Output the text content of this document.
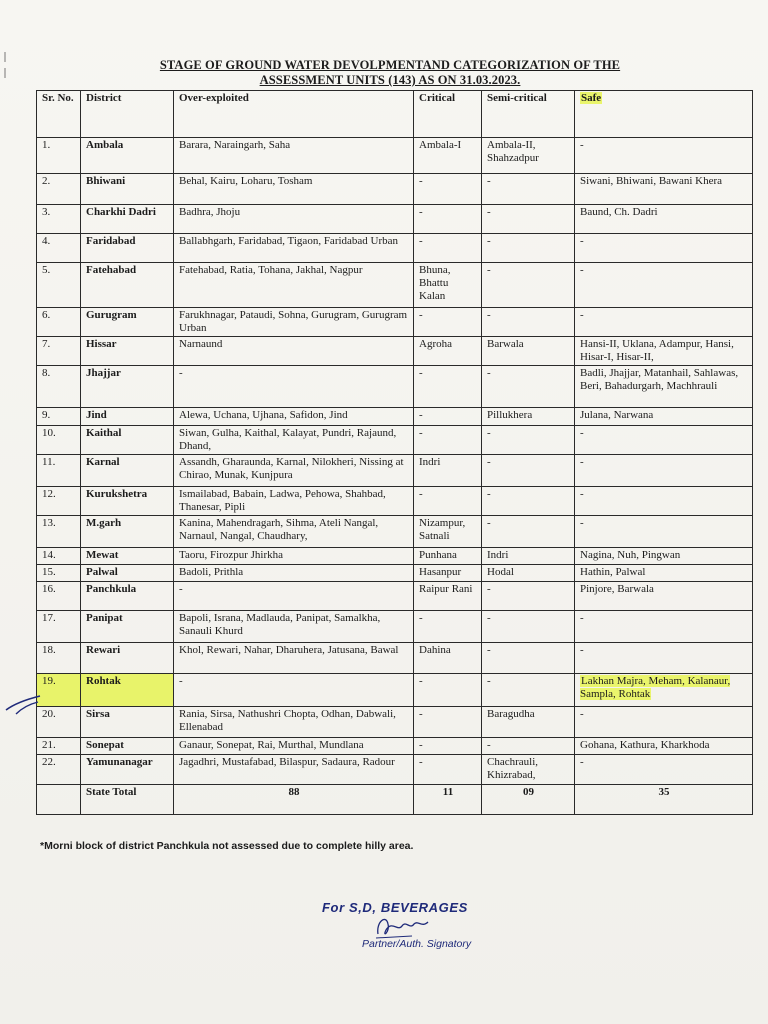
STAGE OF GROUND WATER DEVOLPMENTAND CATEGORIZATION OF THE
ASSESSMENT UNITS (143) AS ON 31.03.2023.
Sr. No.	District	Over-exploited	Critical	Semi-critical	Safe
1.	Ambala	Barara, Naraingarh, Saha	Ambala-I	Ambala-II, Shahzadpur	-
2.	Bhiwani	Behal, Kairu, Loharu, Tosham	-	-	Siwani, Bhiwani, Bawani Khera
3.	Charkhi Dadri	Badhra, Jhoju	-	-	Baund, Ch. Dadri
4.	Faridabad	Ballabhgarh, Faridabad, Tigaon, Faridabad Urban	-	-	-
5.	Fatehabad	Fatehabad, Ratia, Tohana, Jakhal, Nagpur	Bhuna, Bhattu Kalan	-	-
6.	Gurugram	Farukhnagar, Pataudi, Sohna, Gurugram, Gurugram Urban	-	-	-
7.	Hissar	Narnaund	Agroha	Barwala	Hansi-II, Uklana, Adampur, Hansi, Hisar-I, Hisar-II,
8.	Jhajjar	-	-	-	Badli, Jhajjar, Matanhail, Sahlawas, Beri, Bahadurgarh, Machhrauli
9.	Jind	Alewa, Uchana, Ujhana, Safidon, Jind	-	Pillukhera	Julana, Narwana
10.	Kaithal	Siwan, Gulha, Kaithal, Kalayat, Pundri, Rajaund, Dhand,	-	-	-
11.	Karnal	Assandh, Gharaunda, Karnal, Nilokheri, Nissing at Chirao, Munak, Kunjpura	Indri	-	-
12.	Kurukshetra	Ismailabad, Babain, Ladwa, Pehowa, Shahbad, Thanesar, Pipli	-	-	-
13.	M.garh	Kanina, Mahendragarh, Sihma, Ateli Nangal, Narnaul, Nangal, Chaudhary,	Nizampur, Satnali	-	-
14.	Mewat	Taoru, Firozpur Jhirkha	Punhana	Indri	Nagina, Nuh, Pingwan
15.	Palwal	Badoli, Prithla	Hasanpur	Hodal	Hathin, Palwal
16.	Panchkula	-	Raipur Rani	-	Pinjore, Barwala
17.	Panipat	Bapoli, Israna, Madlauda, Panipat, Samalkha, Sanauli Khurd	-	-	-
18.	Rewari	Khol, Rewari, Nahar, Dharuhera, Jatusana, Bawal	Dahina	-	-
19.	Rohtak	-	-	-	Lakhan Majra, Meham, Kalanaur, Sampla, Rohtak
20.	Sirsa	Rania, Sirsa, Nathushri Chopta, Odhan, Dabwali, Ellenabad	-	Baragudha	-
21.	Sonepat	Ganaur, Sonepat, Rai, Murthal, Mundlana	-	-	Gohana, Kathura, Kharkhoda
22.	Yamunanagar	Jagadhri, Mustafabad, Bilaspur, Sadaura, Radour	-	Chachrauli, Khizrabad,	-
	State Total	88	11	09	35
*Morni block of district Panchkula not assessed due to complete hilly area.
For S,D, BEVERAGES
Partner/Auth. Signatory
